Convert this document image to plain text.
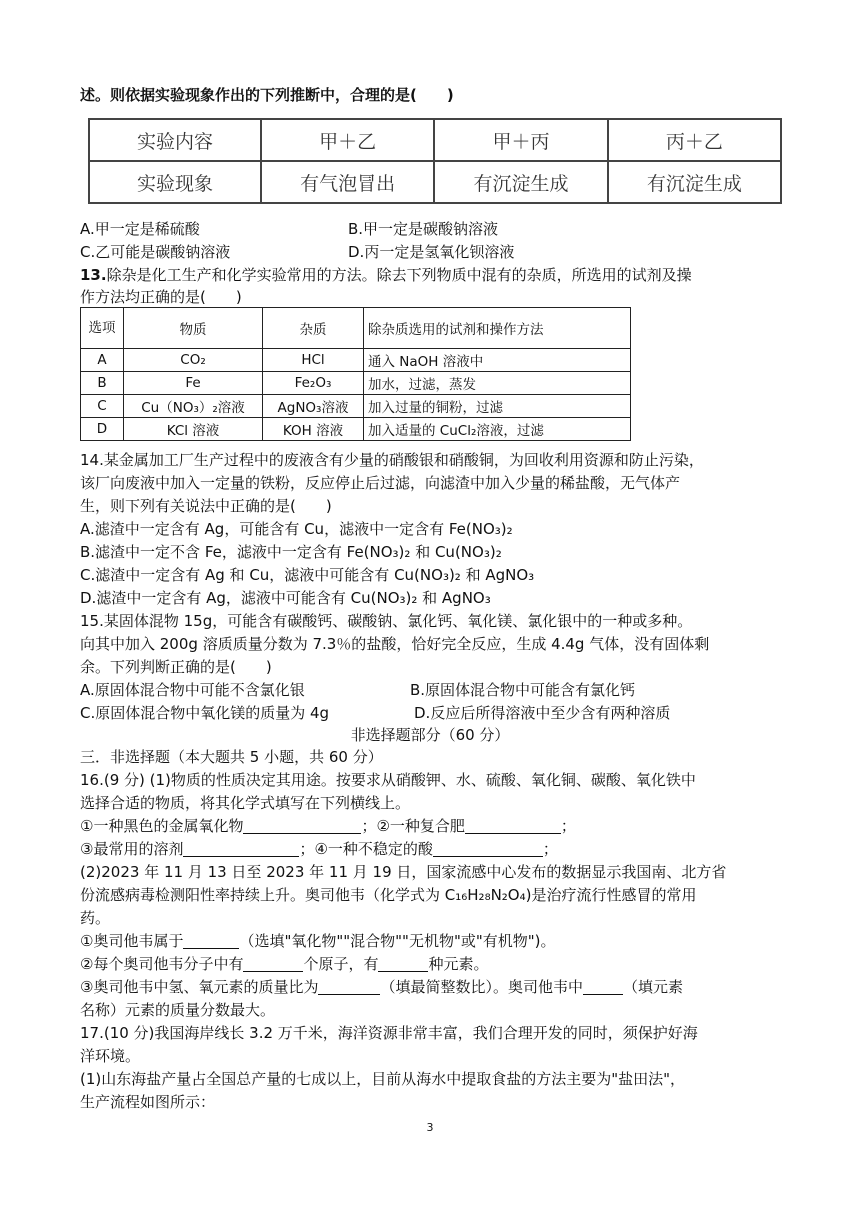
述。则依据实验现象作出的下列推断中，合理的是(　　)
实验内容	甲＋乙	甲＋丙	丙＋乙
实验现象	有气泡冒出	有沉淀生成	有沉淀生成
A.甲一定是稀硫酸	B.甲一定是碳酸钠溶液
C.乙可能是碳酸钠溶液	D.丙一定是氢氧化钡溶液
13.除杂是化工生产和化学实验常用的方法。除去下列物质中混有的杂质，所选用的试剂及操
作方法均正确的是(　　)
选项	物质	杂质	除杂质选用的试剂和操作方法
A	CO₂	HCl	通入 NaOH 溶液中
B	Fe	Fe₂O₃	加水，过滤，蒸发
C	Cu（NO₃）₂溶液	AgNO₃溶液	加入过量的铜粉，过滤
D	KCl 溶液	KOH 溶液	加入适量的 CuCl₂溶液，过滤
14.某金属加工厂生产过程中的废液含有少量的硝酸银和硝酸铜，为回收利用资源和防止污染，
该厂向废液中加入一定量的铁粉，反应停止后过滤，向滤渣中加入少量的稀盐酸，无气体产
生，则下列有关说法中正确的是(　　)
A.滤渣中一定含有 Ag，可能含有 Cu，滤液中一定含有 Fe(NO₃)₂
B.滤渣中一定不含 Fe，滤液中一定含有 Fe(NO₃)₂ 和 Cu(NO₃)₂
C.滤渣中一定含有 Ag 和 Cu，滤液中可能含有 Cu(NO₃)₂ 和 AgNO₃
D.滤渣中一定含有 Ag，滤液中可能含有 Cu(NO₃)₂ 和 AgNO₃
15.某固体混物 15g，可能含有碳酸钙、碳酸钠、氯化钙、氧化镁、氯化银中的一种或多种。
向其中加入 200g 溶质质量分数为 7.3％的盐酸，恰好完全反应，生成 4.4g 气体，没有固体剩
余。下列判断正确的是(　　)
A.原固体混合物中可能不含氯化银	B.原固体混合物中可能含有氯化钙
C.原固体混合物中氧化镁的质量为 4g	D.反应后所得溶液中至少含有两种溶质
非选择题部分（60 分）
三．非选择题（本大题共 5 小题，共 60 分）
16.(9 分) (1)物质的性质决定其用途。按要求从硝酸钾、水、硫酸、氧化铜、碳酸、氧化铁中
选择合适的物质，将其化学式填写在下列横线上。
①一种黑色的金属氧化物	；②一种复合肥	；
③最常用的溶剂	；④一种不稳定的酸	；
(2)2023 年 11 月 13 日至 2023 年 11 月 19 日，国家流感中心发布的数据显示我国南、北方省
份流感病毒检测阳性率持续上升。奥司他韦（化学式为 C₁₆H₂₈N₂O₄)是治疗流行性感冒的常用
药。
①奥司他韦属于	（选填"氧化物""混合物""无机物"或"有机物")。
②每个奥司他韦分子中有	个原子，有	种元素。
③奥司他韦中氢、氧元素的质量比为	（填最简整数比）。奥司他韦中	（填元素
名称）元素的质量分数最大。
17.(10 分)我国海岸线长 3.2 万千米，海洋资源非常丰富，我们合理开发的同时，须保护好海
洋环境。
(1)山东海盐产量占全国总产量的七成以上，目前从海水中提取食盐的方法主要为"盐田法"，
生产流程如图所示：
3
